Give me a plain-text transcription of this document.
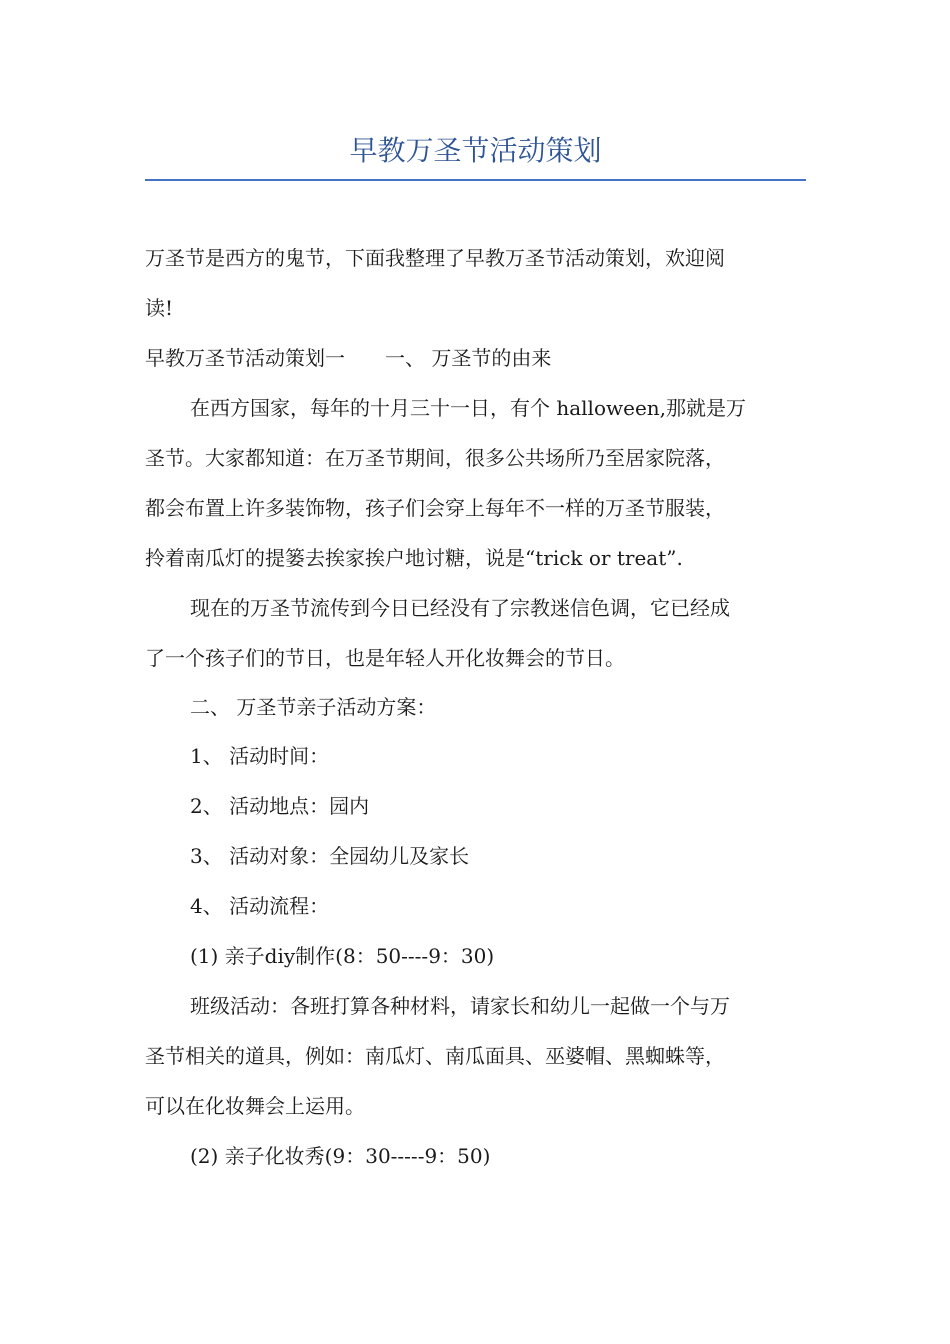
早教万圣节活动策划
万圣节是西方的鬼节，下面我整理了早教万圣节活动策划，欢迎阅
读!
早教万圣节活动策划一　　一、 万圣节的由来
在西方国家，每年的十月三十一日，有个 halloween,那就是万
圣节。大家都知道：在万圣节期间，很多公共场所乃至居家院落，
都会布置上许多装饰物，孩子们会穿上每年不一样的万圣节服装，
拎着南瓜灯的提篓去挨家挨户地讨糖，说是“trick or treat”.
现在的万圣节流传到今日已经没有了宗教迷信色调，它已经成
了一个孩子们的节日，也是年轻人开化妆舞会的节日。
二、 万圣节亲子活动方案：
1、 活动时间：
2、 活动地点：园内
3、 活动对象：全园幼儿及家长
4、 活动流程：
(1) 亲子diy制作(8：50----9：30)
班级活动：各班打算各种材料，请家长和幼儿一起做一个与万
圣节相关的道具，例如：南瓜灯、南瓜面具、巫婆帽、黑蜘蛛等，
可以在化妆舞会上运用。
(2) 亲子化妆秀(9：30-----9：50)
